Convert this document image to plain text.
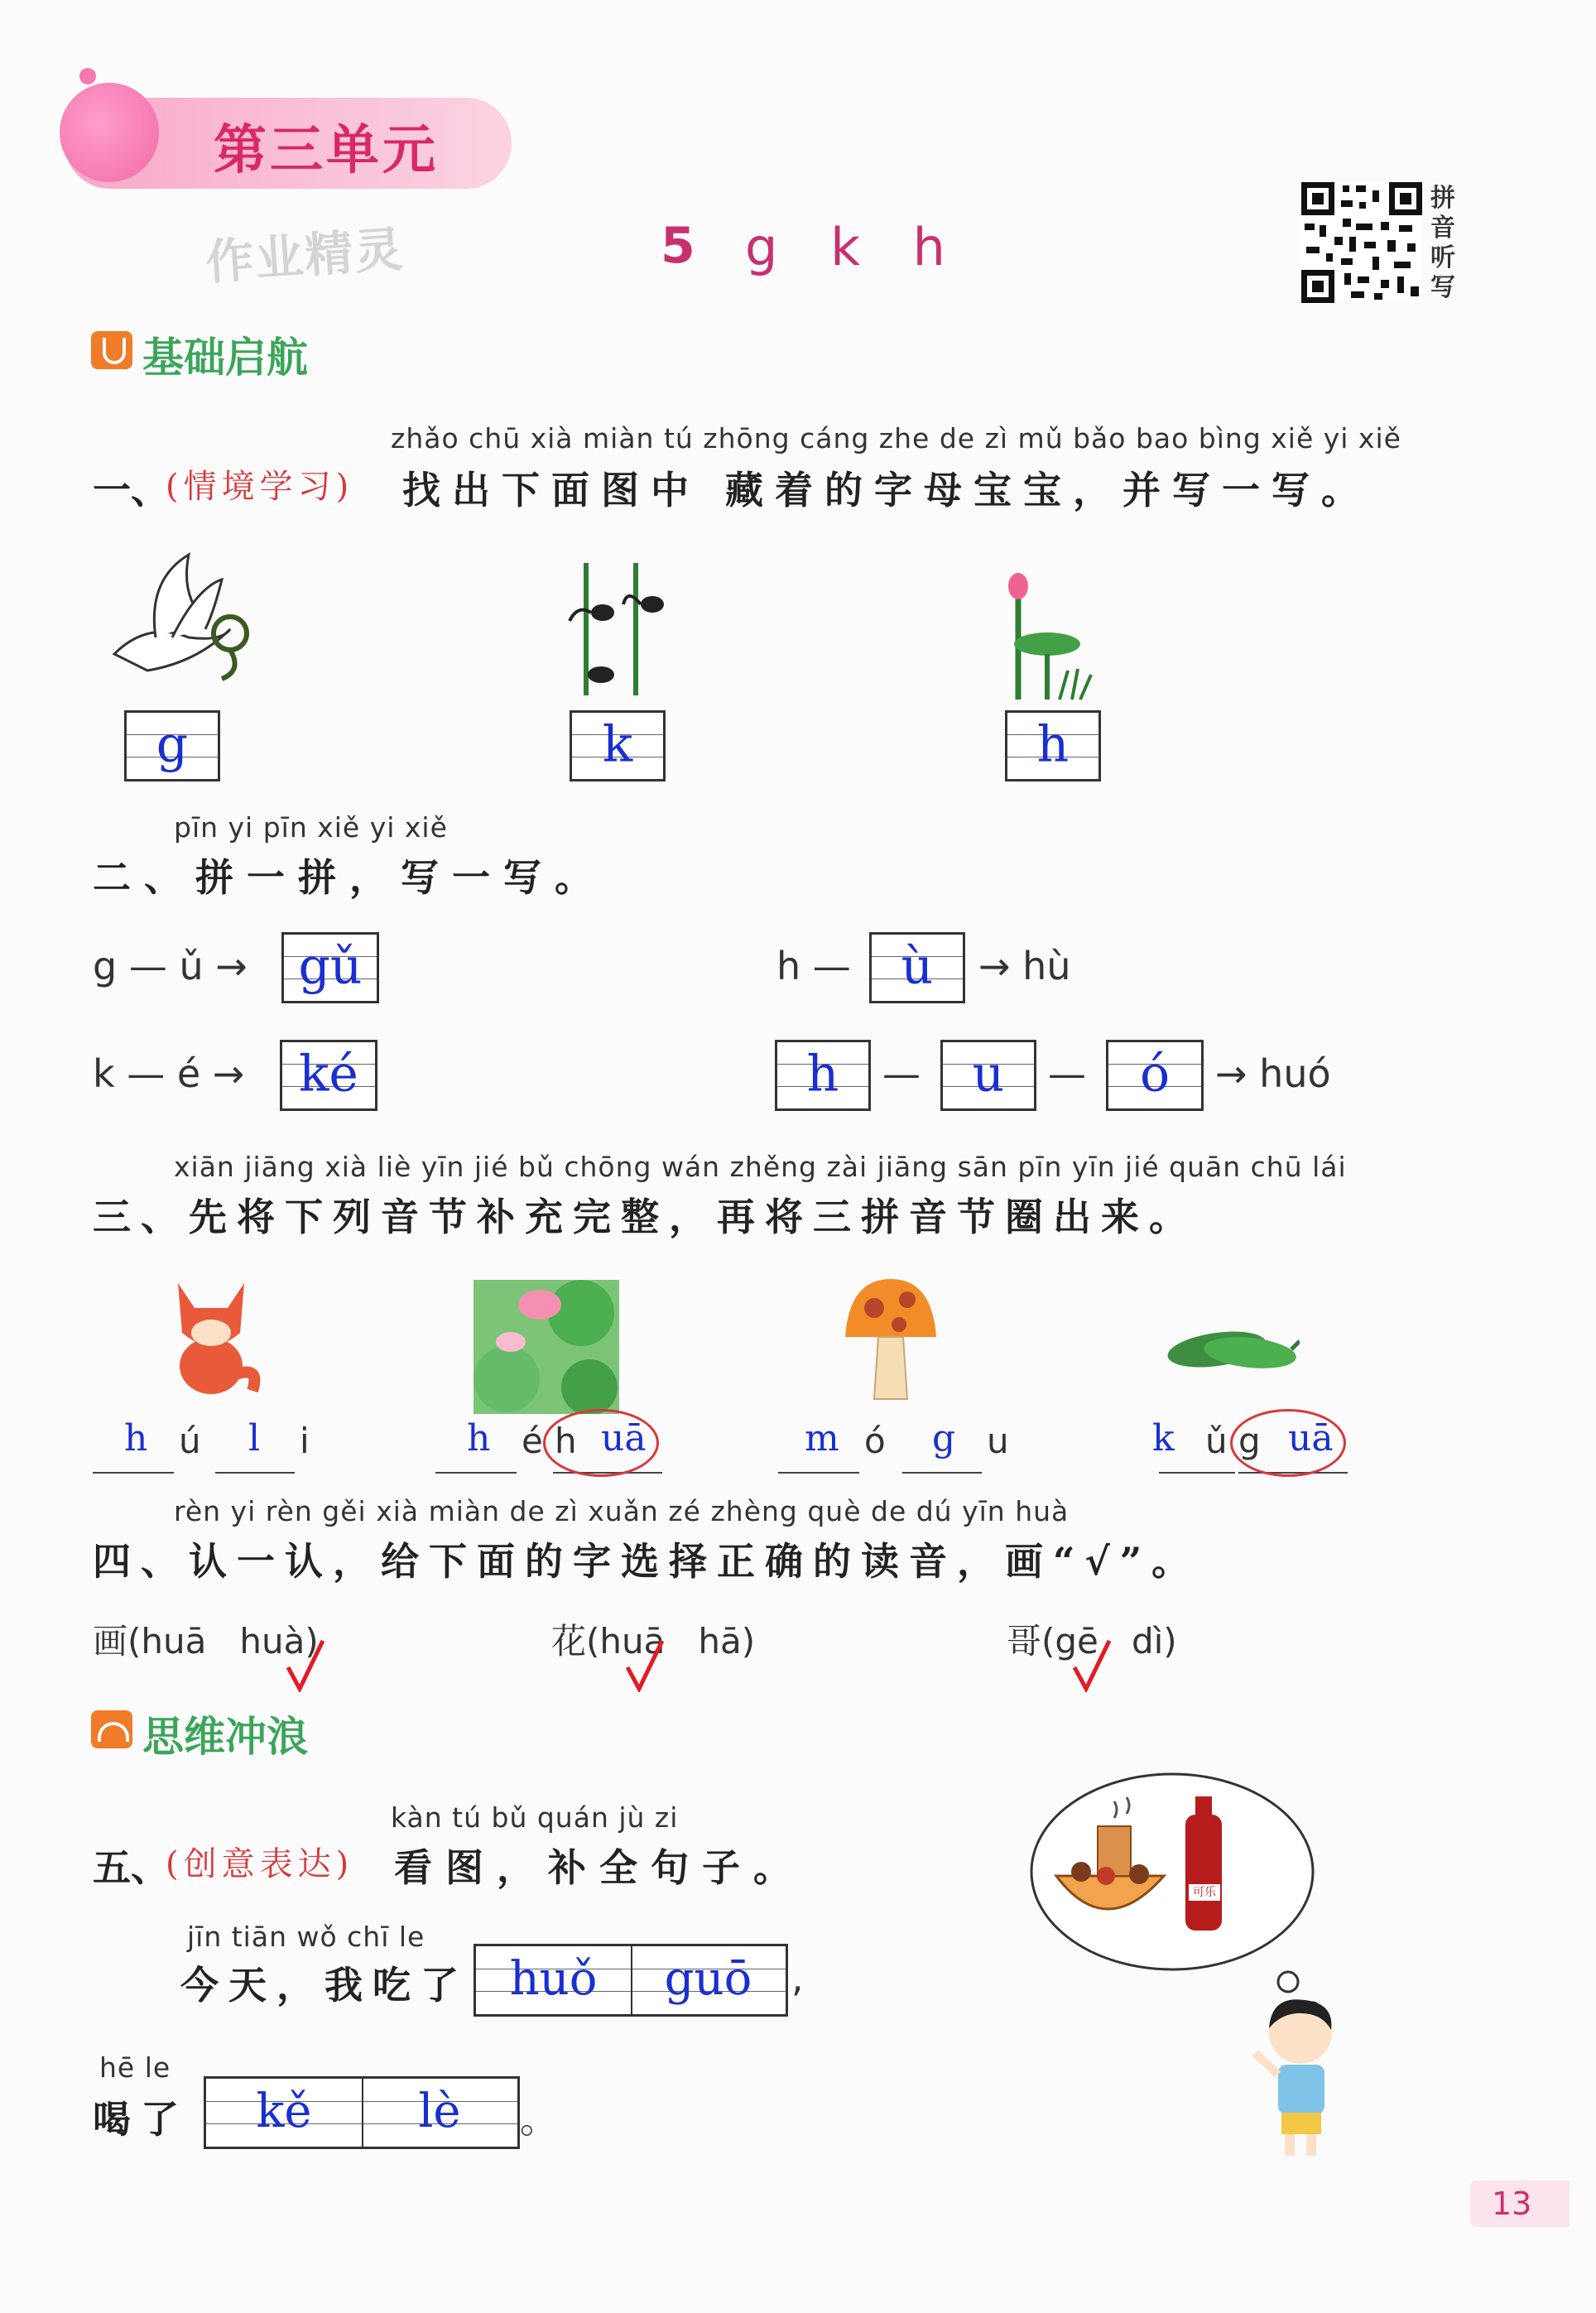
第三单元
作业精灵	5 g k h
拼音听写
基础启航
zhǎo chū xià miàn tú zhōng cáng zhe de zì mǔ bǎo bao bìng xiě yi xiě
一、
(情境学习) 找出下面图中 藏着的字母宝宝，并写一写。
g	k	h
pīn yi pīn xiě yi xiě
二、拼一拼，写一写。
g — ǔ → gǔ
k — é →	ké
h —	ù	→ hù
h	—	u	—	ó	→ huó
xiān jiāng xià liè yīn jié bǔ chōng wán zhěng zài jiāng sān pīn yīn jié quān chū lái
三、先将下列音节补充完整，再将三拼音节圈出来。
h ú l i	h é h uā	m ó g u	k ǔ g uā
rèn yi rèn gěi xià miàn de zì xuǎn zé zhèng què de dú yīn huà
四、认一认，给下面的字选择正确的读音，画“√”。
画(huā   huà)	花(huā   hā)	哥(gē   dì)
思维冲浪
kàn tú bǔ quán jù zi
五、
(创意表达) 看图，补全句子。
jīn tiān wǒ chī le
今天，我吃了 huǒ	guō	,
hē le
喝了	kě	lè	。
可乐
13
